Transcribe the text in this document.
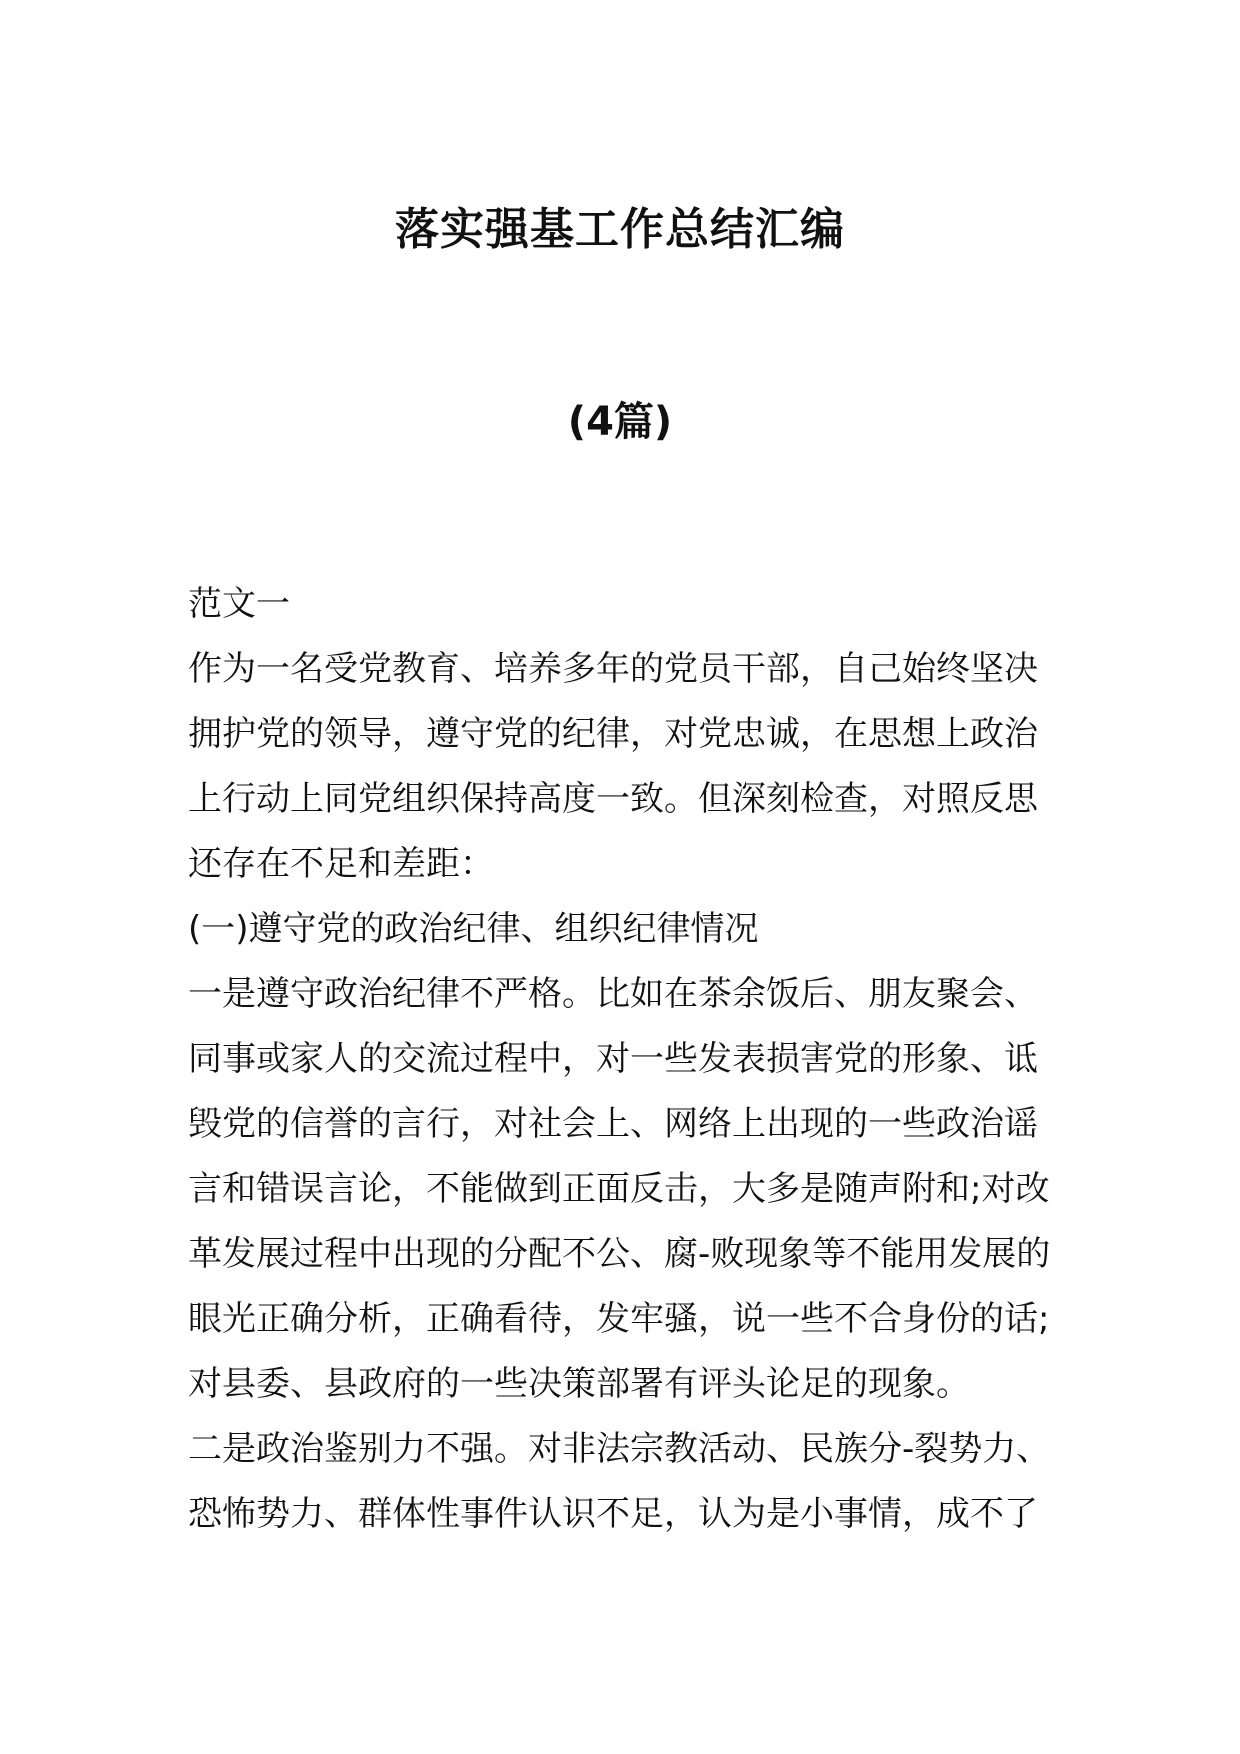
落实强基工作总结汇编
(4篇)
范文一
作为一名受党教育、培养多年的党员干部，自己始终坚决
拥护党的领导，遵守党的纪律，对党忠诚，在思想上政治
上行动上同党组织保持高度一致。但深刻检查，对照反思
还存在不足和差距：
(一)遵守党的政治纪律、组织纪律情况
一是遵守政治纪律不严格。比如在茶余饭后、朋友聚会、
同事或家人的交流过程中，对一些发表损害党的形象、诋
毁党的信誉的言行，对社会上、网络上出现的一些政治谣
言和错误言论，不能做到正面反击，大多是随声附和;对改
革发展过程中出现的分配不公、腐-败现象等不能用发展的
眼光正确分析，正确看待，发牢骚，说一些不合身份的话;
对县委、县政府的一些决策部署有评头论足的现象。
二是政治鉴别力不强。对非法宗教活动、民族分-裂势力、
恐怖势力、群体性事件认识不足，认为是小事情，成不了
